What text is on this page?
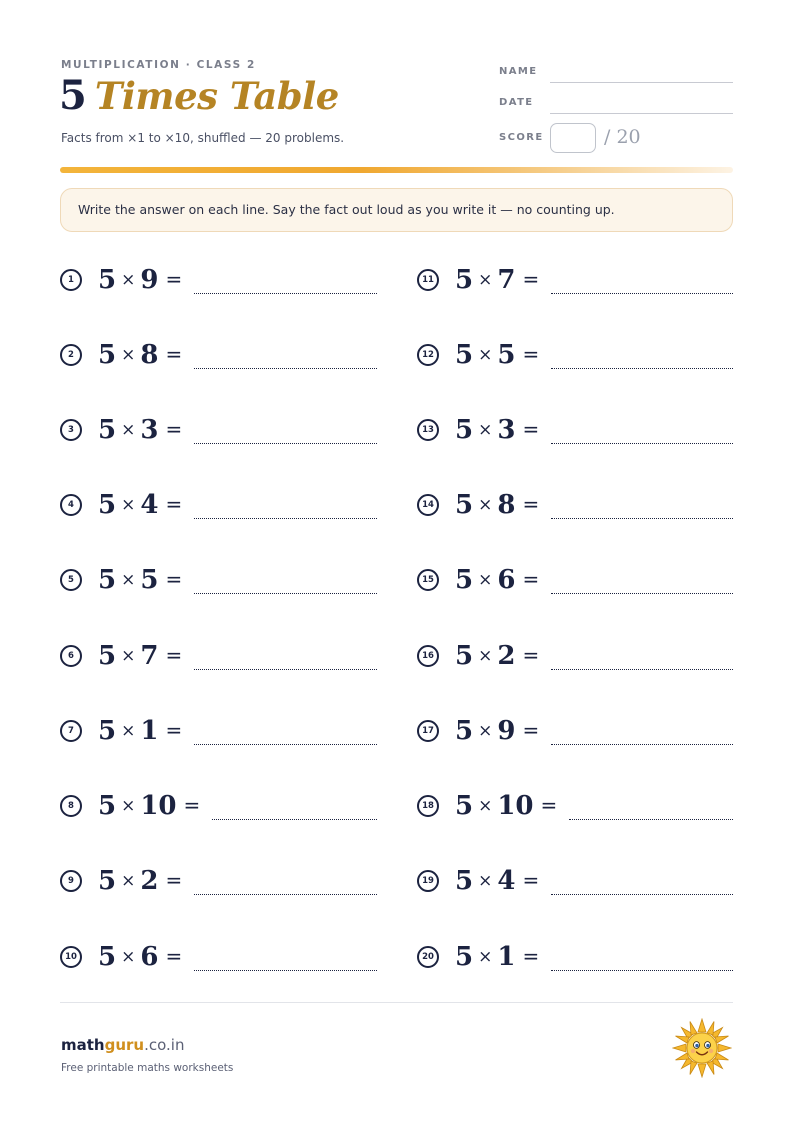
MULTIPLICATION · CLASS 2
5 Times Table
Facts from ×1 to ×10, shuffled — 20 problems.
NAME
DATE
SCORE	/ 20
Write the answer on each line. Say the fact out loud as you write it — no counting up.
1 5 × 9 =
2 5 × 8 =
3 5 × 3 =
4 5 × 4 =
5 5 × 5 =
6 5 × 7 =
7 5 × 1 =
8 5 × 10 =
9 5 × 2 =
10 5 × 6 =
11 5 × 7 =
12 5 × 5 =
13 5 × 3 =
14 5 × 8 =
15 5 × 6 =
16 5 × 2 =
17 5 × 9 =
18 5 × 10 =
19 5 × 4 =
20 5 × 1 =
mathguru.co.in
Free printable maths worksheets
